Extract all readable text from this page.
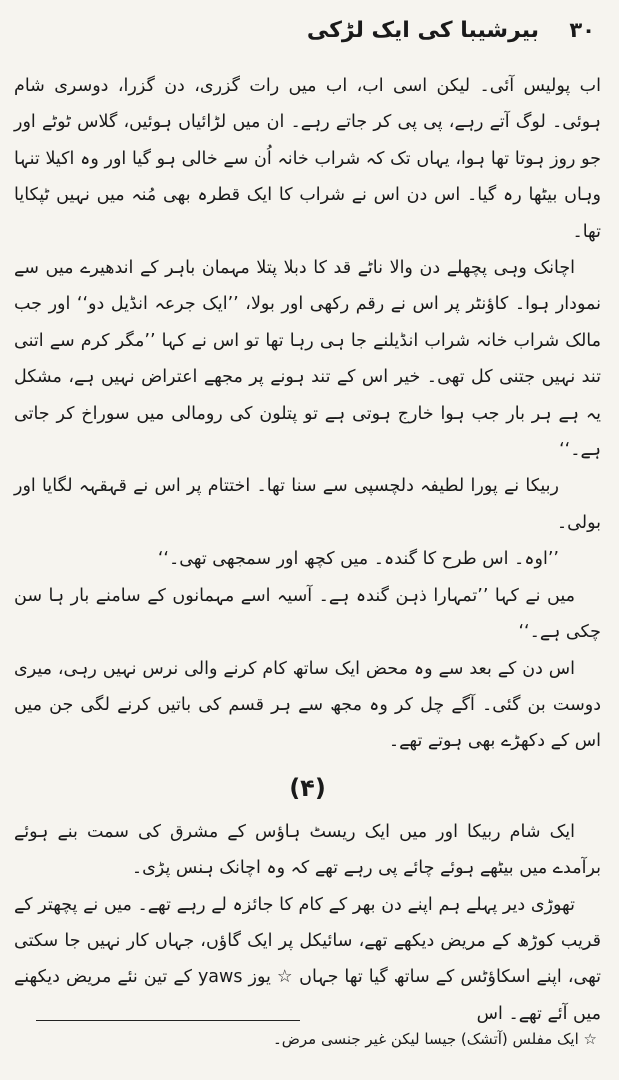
۳۰
بیرشیبا کی ایک لڑکی

اب پولیس آئی۔ لیکن اسی اب، اب میں رات گزری، دن گزرا، دوسری شام ہوئی۔ لوگ آتے رہے، پی پی کر جاتے رہے۔ ان میں لڑائیاں ہوئیں، گلاس ٹوٹے اور جو روز ہوتا تھا ہوا، یہاں تک کہ شراب خانہ اُن سے خالی ہو گیا اور وہ اکیلا تنہا وہاں بیٹھا رہ گیا۔ اس دن اس نے شراب کا ایک قطرہ بھی مُنہ میں نہیں ٹپکایا تھا۔

اچانک وہی پچھلے دن والا ناٹے قد کا دبلا پتلا مہمان باہر کے اندھیرے میں سے نمودار ہوا۔ کاؤنٹر پر اس نے رقم رکھی اور بولا، ’’ایک جرعہ انڈیل دو‘‘ اور جب مالک شراب خانہ شراب انڈیلنے جا ہی رہا تھا تو اس نے کہا ’’مگر کرم سے اتنی تند نہیں جتنی کل تھی۔ خیر اس کے تند ہونے پر مجھے اعتراض نہیں ہے، مشکل یہ ہے ہر بار جب ہوا خارج ہوتی ہے تو پتلون کی رومالی میں سوراخ کر جاتی ہے۔‘‘

ربیکا نے پورا لطیفہ دلچسپی سے سنا تھا۔ اختتام پر اس نے قہقہہ لگایا اور بولی۔

’’اوہ۔ اس طرح کا گندہ۔ میں کچھ اور سمجھی تھی۔‘‘

میں نے کہا ’’تمہارا ذہن گندہ ہے۔ آسیہ اسے مہمانوں کے سامنے بار ہا سن چکی ہے۔‘‘

اس دن کے بعد سے وہ محض ایک ساتھ کام کرنے والی نرس نہیں رہی، میری دوست بن گئی۔ آگے چل کر وہ مجھ سے ہر قسم کی باتیں کرنے لگی جن میں اس کے دکھڑے بھی ہوتے تھے۔

(۴)

ایک شام ربیکا اور میں ایک ریسٹ ہاؤس کے مشرق کی سمت بنے ہوئے برآمدے میں بیٹھے ہوئے چائے پی رہے تھے کہ وہ اچانک ہنس پڑی۔

تھوڑی دیر پہلے ہم اپنے دن بھر کے کام کا جائزہ لے رہے تھے۔ میں نے پچھتر کے قریب کوڑھ کے مریض دیکھے تھے، سائیکل پر ایک گاؤں، جہاں کار نہیں جا سکتی تھی، اپنے اسکاؤٹس کے ساتھ گیا تھا جہاں ☆ یوز yaws کے تین نئے مریض دیکھنے میں آئے تھے۔ اس

☆ ایک مفلس (آتشک) جیسا لیکن غیر جنسی مرض۔
